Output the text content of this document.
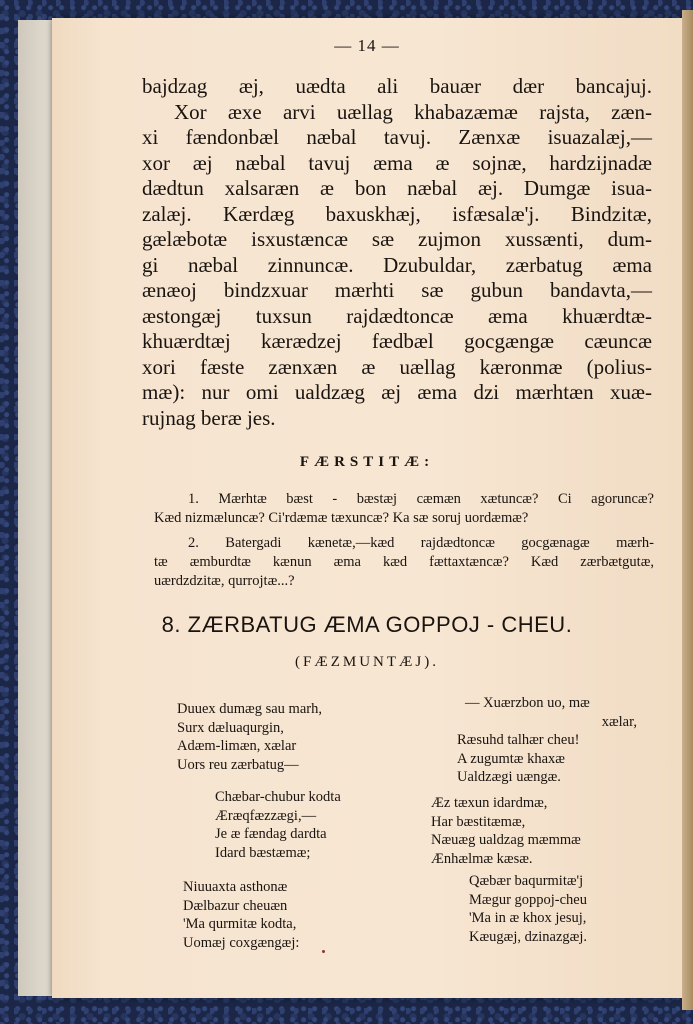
— 14 —
bajdzag æj, uædta ali bauær dær bancajuj.
Xor æxe arvi uællag khabazæmæ rajsta, zæn-
xi fændonbæl næbal tavuj. Zænxæ isuazalæj,—
xor æj næbal tavuj æma æ sojnæ, hardzijnadæ
dædtun xalsaræn æ bon næbal æj. Dumgæ isua-
zalæj. Kærdæg baxuskhæj, isfæsalæ'j. Bindzitæ,
gælæbotæ isxustæncæ sæ zujmon xussænti, dum-
gi næbal zinnuncæ. Dzubuldar, zærbatug æma
ænæoj bindzxuar mærhti sæ gubun bandavta,—
æstongæj tuxsun rajdædtoncæ æma khuærdtæ-
khuærdtæj kærædzej fædbæl gocgængæ cæuncæ
xori fæste zænxæn æ uællag kæronmæ (polius-
mæ): nur omi ualdzæg æj æma dzi mærhtæn xuæ-
rujnag beræ jes.
FÆRSTITÆ:
1. Mærhtæ bæst - bæstæj cæmæn xætuncæ? Ci agoruncæ?
Kæd nizmæluncæ? Ci'rdæmæ tæxuncæ? Ka sæ soruj uordæmæ?
2. Batergadi kænetæ,—kæd rajdædtoncæ gocgænagæ mærh-
tæ æmburdtæ kænun æma kæd fættaxtæncæ? Kæd zærbætgutæ,
uærdzdzitæ, qurrojtæ...?
8. ZÆRBATUG ÆMA GOPPOJ - CHEU.
(FÆZMUNTÆJ).
Duuex dumæg sau marh,
Surx dæluaqurgin,
Adæm-limæn, xælar
Uors reu zærbatug—
Chæbar-chubur kodta
Æræqfæzzægi,—
Je æ fændag dardta
Idard bæstæmæ;
Niuuaxta asthonæ
Dælbazur cheuæn
'Ma qurmitæ kodta,
Uomæj coxgængæj:
— Xuærzbon uo, mæ
xælar,
Ræsuhd talhær cheu!
A zugumtæ khaxæ
Ualdzægi uængæ.
Æz tæxun idardmæ,
Har bæstitæmæ,
Næuæg ualdzag mæmmæ
Ænhælmæ kæsæ.
Qæbær baqurmitæ'j
Mægur goppoj-cheu
'Ma in æ khox jesuj,
Kæugæj, dzinazgæj.
